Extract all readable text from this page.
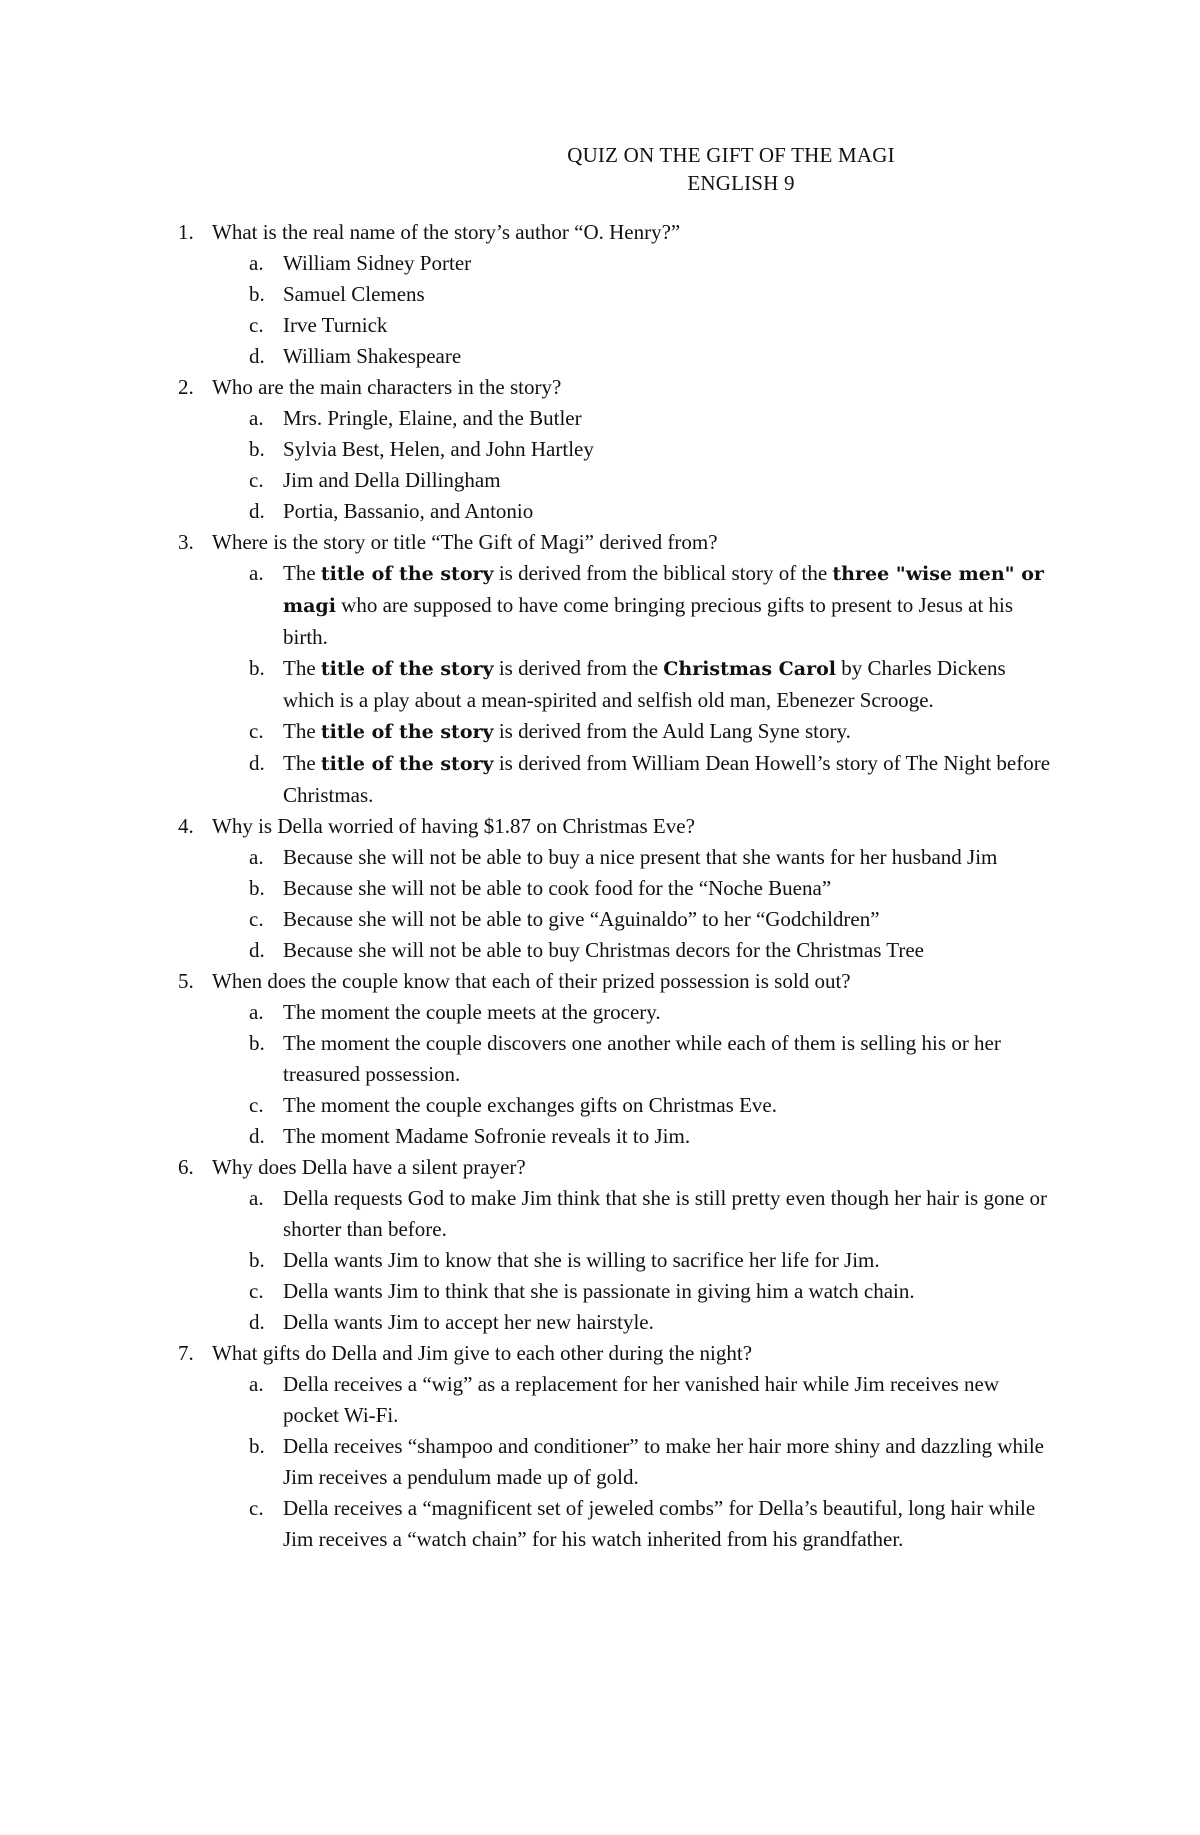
QUIZ ON THE GIFT OF THE MAGI
ENGLISH 9
1. What is the real name of the story’s author “O. Henry?”
a. William Sidney Porter
b. Samuel Clemens
c. Irve Turnick
d. William Shakespeare
2. Who are the main characters in the story?
a. Mrs. Pringle, Elaine, and the Butler
b. Sylvia Best, Helen, and John Hartley
c. Jim and Della Dillingham
d. Portia, Bassanio, and Antonio
3. Where is the story or title “The Gift of Magi” derived from?
a. The title of the story is derived from the biblical story of the three "wise men" or magi who are supposed to have come bringing precious gifts to present to Jesus at his birth.
b. The title of the story is derived from the Christmas Carol by Charles Dickens which is a play about a mean-spirited and selfish old man, Ebenezer Scrooge.
c. The title of the story is derived from the Auld Lang Syne story.
d. The title of the story is derived from William Dean Howell’s story of The Night before Christmas.
4. Why is Della worried of having $1.87 on Christmas Eve?
a. Because she will not be able to buy a nice present that she wants for her husband Jim
b. Because she will not be able to cook food for the “Noche Buena”
c. Because she will not be able to give “Aguinaldo” to her “Godchildren”
d. Because she will not be able to buy Christmas decors for the Christmas Tree
5. When does the couple know that each of their prized possession is sold out?
a. The moment the couple meets at the grocery.
b. The moment the couple discovers one another while each of them is selling his or her treasured possession.
c. The moment the couple exchanges gifts on Christmas Eve.
d. The moment Madame Sofronie reveals it to Jim.
6. Why does Della have a silent prayer?
a. Della requests God to make Jim think that she is still pretty even though her hair is gone or shorter than before.
b. Della wants Jim to know that she is willing to sacrifice her life for Jim.
c. Della wants Jim to think that she is passionate in giving him a watch chain.
d. Della wants Jim to accept her new hairstyle.
7. What gifts do Della and Jim give to each other during the night?
a. Della receives a “wig” as a replacement for her vanished hair while Jim receives new pocket Wi-Fi.
b. Della receives “shampoo and conditioner” to make her hair more shiny and dazzling while Jim receives a pendulum made up of gold.
c. Della receives a “magnificent set of jeweled combs” for Della’s beautiful, long hair while Jim receives a “watch chain” for his watch inherited from his grandfather.
